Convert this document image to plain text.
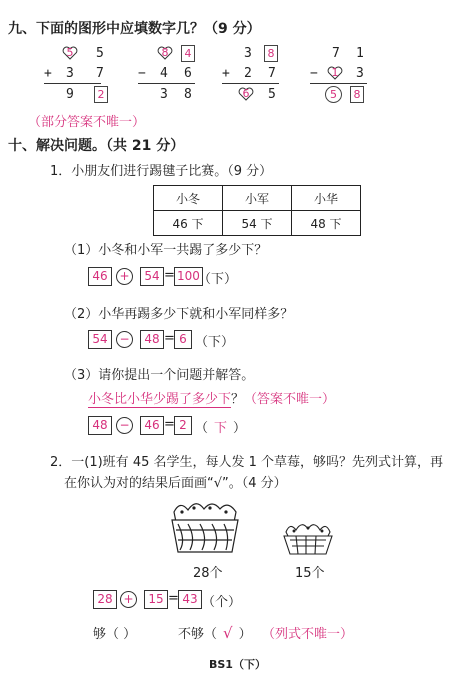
九、下面的图形中应填数字几？（9 分）
5	5
+ 3 7
9	2
8	4
− 4 6
3 8
3	8
+ 2 7
6	5
7 1
−	1	3
5	8
（部分答案不唯一）
十、解决问题。（共 21 分）
1．小朋友们进行踢毽子比赛。（9 分）
小冬	小军	小华
46 下	54 下	48 下
（1）小冬和小军一共踢了多少下？
46 +	54 = 100
（下）
（2）小华再踢多少下就和小军同样多？
54 −	48 = 6 （下）
（3）请你提出一个问题并解答。
小冬比小华少踢了多少下？（答案不唯一）
48 −	46 = 2 （ 下 ）
2．一(1)班有 45 名学生，每人发 1 个草莓，够吗？先列式计算，再
在你认为对的结果后面画“√”。（4 分）
28个	15个
28 +	15 = 43 （个）
够（ ）	不够（ √ ） （列式不唯一）
BS1（下）
